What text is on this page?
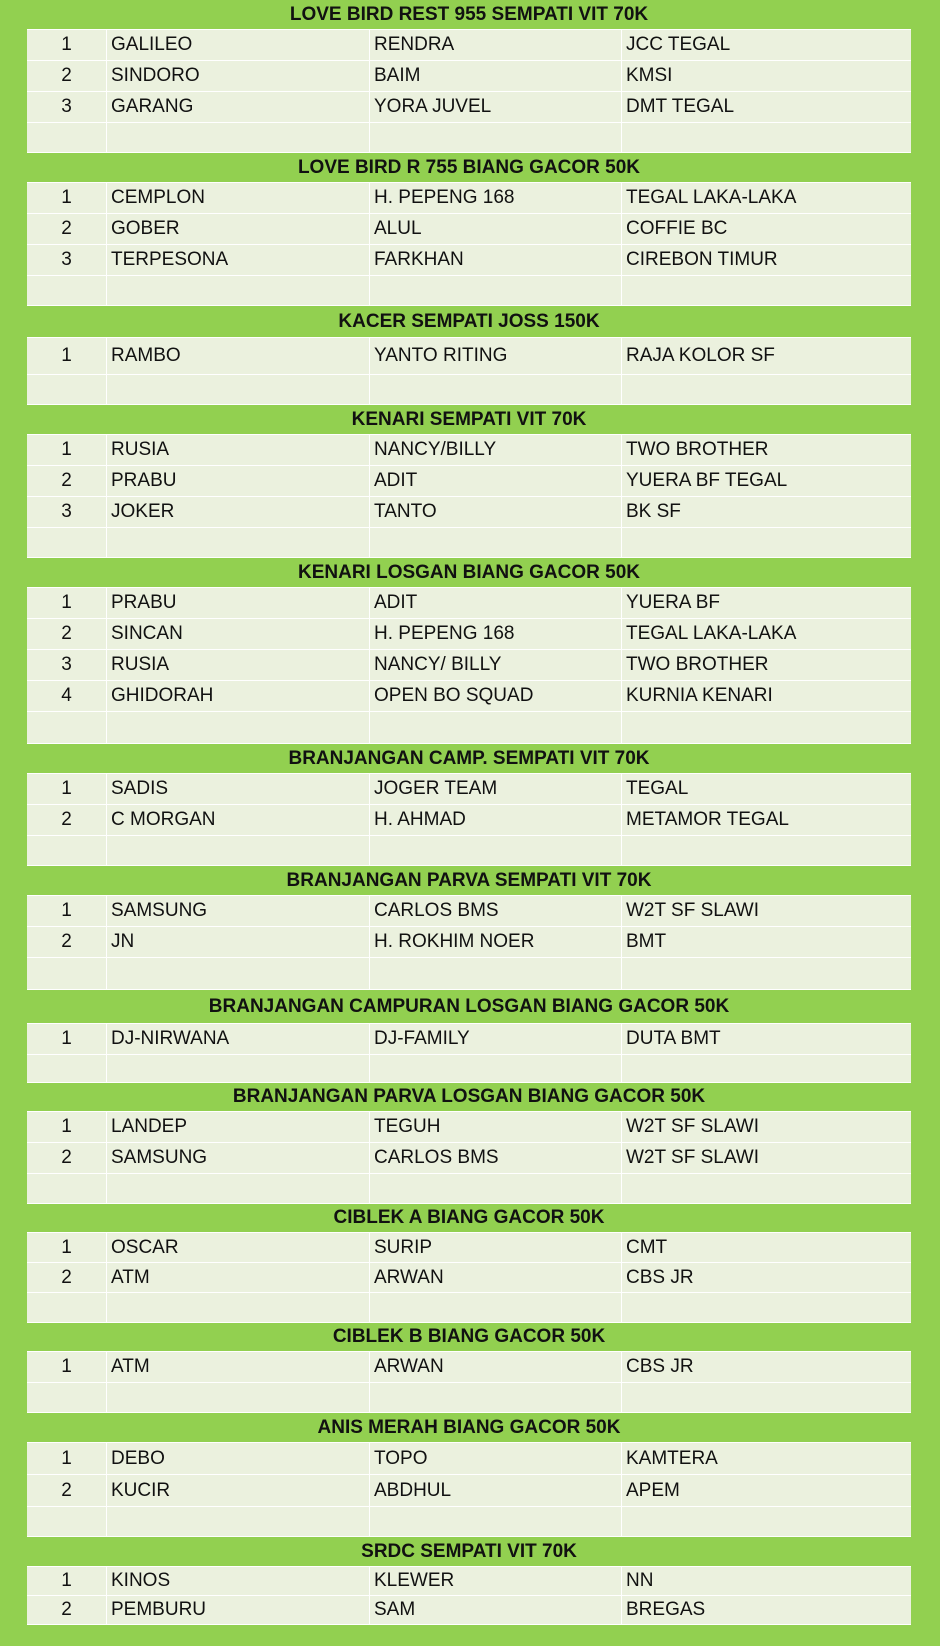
LOVE BIRD REST 955 SEMPATI VIT 70K
1	GALILEO	RENDRA	JCC TEGAL
2	SINDORO	BAIM	KMSI
3	GARANG	YORA JUVEL	DMT TEGAL
LOVE BIRD R 755 BIANG GACOR 50K
1	CEMPLON	H. PEPENG 168	TEGAL LAKA-LAKA
2	GOBER	ALUL	COFFIE BC
3	TERPESONA	FARKHAN	CIREBON TIMUR
KACER SEMPATI JOSS 150K
1	RAMBO	YANTO RITING	RAJA KOLOR SF
KENARI SEMPATI VIT 70K
1	RUSIA	NANCY/BILLY	TWO BROTHER
2	PRABU	ADIT	YUERA BF TEGAL
3	JOKER	TANTO	BK SF
KENARI LOSGAN BIANG GACOR 50K
1	PRABU	ADIT	YUERA BF
2	SINCAN	H. PEPENG 168	TEGAL LAKA-LAKA
3	RUSIA	NANCY/ BILLY	TWO BROTHER
4	GHIDORAH	OPEN BO SQUAD	KURNIA KENARI
BRANJANGAN CAMP. SEMPATI VIT 70K
1	SADIS	JOGER TEAM	TEGAL
2	C MORGAN	H. AHMAD	METAMOR TEGAL
BRANJANGAN PARVA SEMPATI VIT 70K
1	SAMSUNG	CARLOS BMS	W2T SF SLAWI
2	JN	H. ROKHIM NOER	BMT
BRANJANGAN CAMPURAN LOSGAN BIANG GACOR 50K
1	DJ-NIRWANA	DJ-FAMILY	DUTA BMT
BRANJANGAN PARVA LOSGAN BIANG GACOR 50K
1	LANDEP	TEGUH	W2T SF SLAWI
2	SAMSUNG	CARLOS BMS	W2T SF SLAWI
CIBLEK A BIANG GACOR 50K
1	OSCAR	SURIP	CMT
2	ATM	ARWAN	CBS JR
CIBLEK B BIANG GACOR 50K
1	ATM	ARWAN	CBS JR
ANIS MERAH BIANG GACOR 50K
1	DEBO	TOPO	KAMTERA
2	KUCIR	ABDHUL	APEM
SRDC SEMPATI VIT 70K
1	KINOS	KLEWER	NN
2	PEMBURU	SAM	BREGAS
